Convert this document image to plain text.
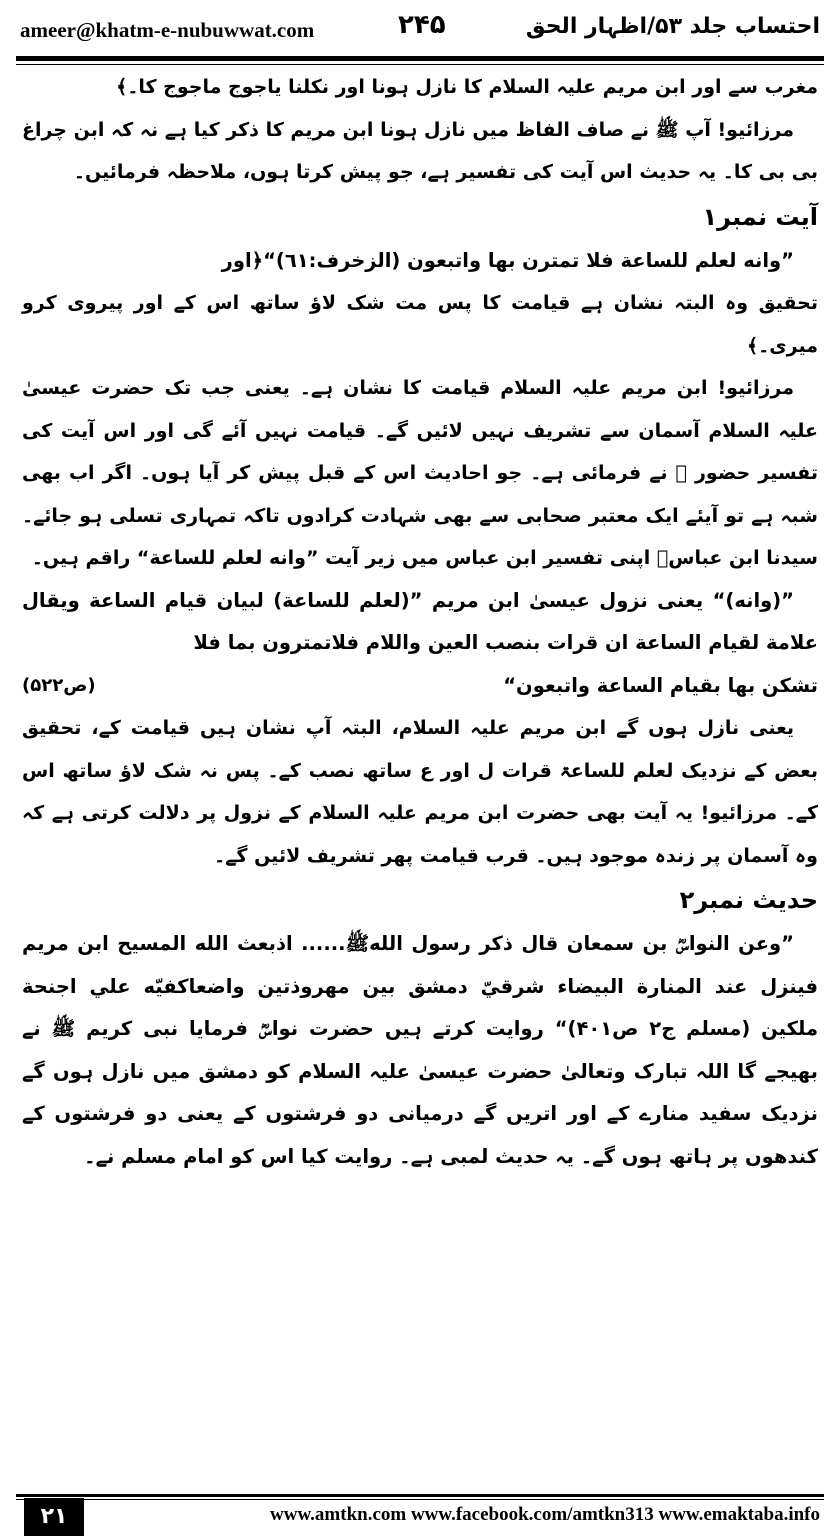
ameer@khatm-e-nubuwwat.com	۲۴۵	احتساب جلد ۵۳/اظہار الحق

مغرب سے اور ابن مریم علیہ السلام کا نازل ہونا اور نکلنا یاجوج ماجوج کا۔﴾

مرزائیو! آپ ﷺ نے صاف الفاظ میں نازل ہونا ابن مریم کا ذکر کیا ہے نہ کہ ابن چراغ بی بی کا۔ یہ حدیث اس آیت کی تفسیر ہے، جو پیش کرتا ہوں، ملاحظہ فرمائیں۔

آیت نمبر۱

”وانه لعلم للساعة فلا تمترن بها واتبعون (الزخرف:٦١)“﴿اور

تحقیق وہ البتہ نشان ہے قیامت کا پس مت شک لاؤ ساتھ اس کے اور پیروی کرو میری۔﴾

مرزائیو! ابن مریم علیہ السلام قیامت کا نشان ہے۔ یعنی جب تک حضرت عیسیٰ علیہ السلام آسمان سے تشریف نہیں لائیں گے۔ قیامت نہیں آئے گی اور اس آیت کی تفسیر حضور ﷺ نے فرمائی ہے۔ جو احادیث اس کے قبل پیش کر آیا ہوں۔ اگر اب بھی شبہ ہے تو آیئے ایک معتبر صحابی سے بھی شہادت کرادوں تاکہ تمہاری تسلی ہو جائے۔ سیدنا ابن عباسؓ اپنی تفسیر ابن عباس میں زیر آیت ”وانه لعلم للساعة“ راقم ہیں۔

”(وانه)“ یعنی نزول عیسیٰ ابن مریم ”(لعلم للساعة) لبيان قيام الساعة ويقال علامة لقيام الساعة ان قرات بنصب العين واللام فلاتمترون بما فلا

تشكن بها بقيام الساعة واتبعون“
(ص۵۲۲)

یعنی نازل ہوں گے ابن مریم علیہ السلام، البتہ آپ نشان ہیں قیامت کے، تحقیق بعض کے نزدیک لعلم للساعۃ قرات ل اور ع ساتھ نصب کے۔ پس نہ شک لاؤ ساتھ اس کے۔ مرزائیو! یہ آیت بھی حضرت ابن مریم علیہ السلام کے نزول پر دلالت کرتی ہے کہ وہ آسمان پر زندہ موجود ہیں۔ قرب قیامت پھر تشریف لائیں گے۔

حدیث نمبر۲

”وعن النواسؓ بن سمعان قال ذكر رسول اللهﷺ...... اذبعث الله المسيح ابن مريم فينزل عند المنارة البيضاء شرقيّ دمشق بين مهروذتين واضعاكفيّه علي اجنحة ملكين (مسلم ج۲ ص۴۰۱)“ روایت کرتے ہیں حضرت نواسؓ فرمایا نبی کریم ﷺ نے بھیجے گا اللہ تبارک وتعالیٰ حضرت عیسیٰ علیہ السلام کو دمشق میں نازل ہوں گے نزدیک سفید منارے کے اور اتریں گے درمیانی دو فرشتوں کے یعنی دو فرشتوں کے کندھوں پر ہاتھ ہوں گے۔ یہ حدیث لمبی ہے۔ روایت کیا اس کو امام مسلم نے۔

۲۱	www.amtkn.com www.facebook.com/amtkn313 www.emaktaba.info
